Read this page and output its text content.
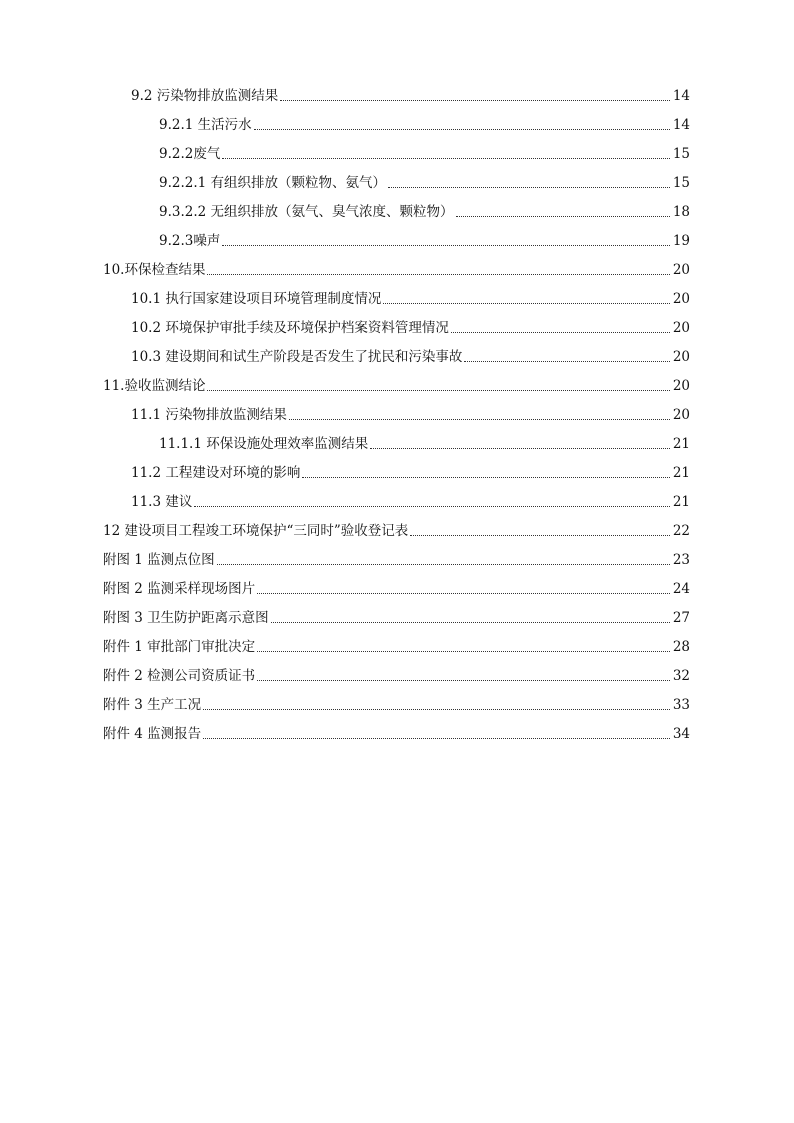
9.2 污染物排放监测结果	14
9.2.1 生活污水	14
9.2.2废气	15
9.2.2.1 有组织排放（颗粒物、氨气）	15
9.3.2.2 无组织排放（氨气、臭气浓度、颗粒物）	18
9.2.3噪声	19
10.环保检查结果	20
10.1 执行国家建设项目环境管理制度情况	20
10.2 环境保护审批手续及环境保护档案资料管理情况	20
10.3 建设期间和试生产阶段是否发生了扰民和污染事故	20
11.验收监测结论	20
11.1 污染物排放监测结果	20
11.1.1 环保设施处理效率监测结果	21
11.2 工程建设对环境的影响	21
11.3 建议	21
12 建设项目工程竣工环境保护“三同时”验收登记表	22
附图 1 监测点位图	23
附图 2 监测采样现场图片	24
附图 3 卫生防护距离示意图	27
附件 1 审批部门审批决定	28
附件 2 检测公司资质证书	32
附件 3 生产工况	33
附件 4 监测报告	34
